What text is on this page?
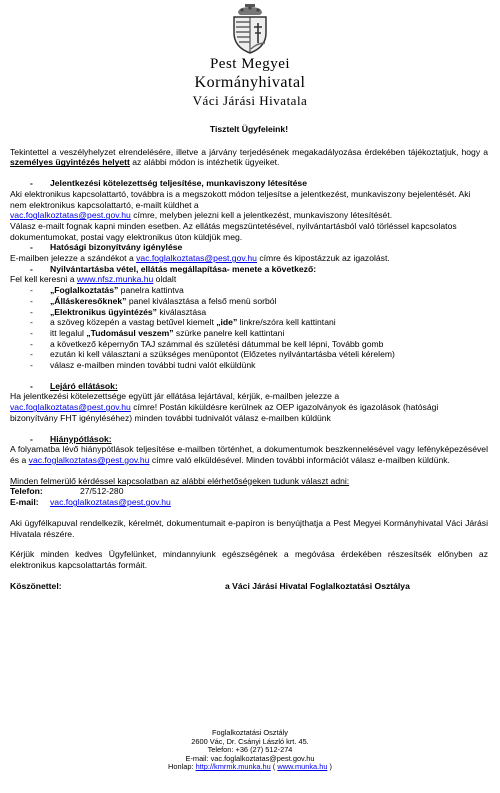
Pest Megyei
Kormányhivatal
Váci Járási Hivatala

Tisztelt Ügyfeleink!

Tekintettel a veszélyhelyzet elrendelésére, illetve a járvány terjedésének megakadályozása érdekében tájékoztatjuk, hogy a személyes ügyintézés helyett az alábbi módon is intézhetik ügyeiket.

-	Jelentkezési kötelezettség teljesítése, munkaviszony létesítése

Aki elektronikus kapcsolattartó, továbbra is a megszokott módon teljesítse a jelentkezést, munkaviszony bejelentését. Aki nem elektronikus kapcsolattartó, e-mailt küldhet a
vac.foglalkoztatas@pest.gov.hu címre, melyben jelezni kell a jelentkezést, munkaviszony létesítését.

Válasz e-mailt fognak kapni minden esetben. Az ellátás megszüntetésével, nyilvántartásból való törléssel kapcsolatos dokumentumokat, postai vagy elektronikus úton küldjük meg.

-	Hatósági bizonyítvány igénylése

E-mailben jelezze a szándékot a vac.foglalkoztatas@pest.gov.hu címre és kipostázzuk az igazolást.

-	Nyilvántartásba vétel, ellátás megállapítása- menete a következő:

Fel kell keresni a www.nfsz.munka.hu oldalt

-	„Foglalkoztatás” panelra kattintva
-	„Álláskeresőknek” panel kiválasztása a felső menü sorból
-	„Elektronikus ügyintézés” kiválasztása
-	a szöveg közepén a vastag betűvel kiemelt „ide” linkre/szóra kell kattintani
-	itt legalul „Tudomásul veszem” szürke panelre kell kattintani
-	a következő képernyőn TAJ számmal és születési dátummal be kell lépni, Tovább gomb
-	ezután ki kell választani a szükséges menüpontot (Előzetes nyilvántartásba vételi kérelem)
-	válasz e-mailben minden további tudni valót elküldünk
-	Lejáró ellátások:

Ha jelentkezési kötelezettsége együtt jár ellátása lejártával, kérjük, e-mailben jelezze a
vac.foglalkoztatas@pest.gov.hu címre! Postán kiküldésre kerülnek az OEP igazolványok és igazolások (hatósági bizonyítvány FHT igényléséhez) minden további tudnivalót válasz e-mailben küldünk

-	Hiánypótlások:

A folyamatba lévő hiánypótlások teljesítése e-mailben történhet, a dokumentumok beszkennelésével vagy lefényképezésével és a vac.foglalkoztatas@pest.gov.hu címre való elküldésével. Minden további információt válasz e-mailben küldünk.

Minden felmerülő kérdéssel kapcsolatban az alábbi elérhetőségeken tudunk választ adni:

Telefon:	27/512-280
E-mail:	vac.foglalkoztatas@pest.gov.hu

Aki ügyfélkapuval rendelkezik, kérelmét, dokumentumait e-papíron is benyújthatja a Pest Megyei Kormányhivatal Váci Járási Hivatala részére.

Kérjük minden kedves Ügyfelünket, mindannyiunk egészségének a megóvása érdekében részesítsék előnyben az elektronikus kapcsolattartás formáit.

Köszönettel:	a Váci Járási Hivatal Foglalkoztatási Osztálya
Foglalkoztatási Osztály
2600 Vác, Dr. Csányi László krt. 45.
Telefon: +36 (27) 512-274
E-mail: vac.foglalkoztatas@pest.gov.hu
Honlap: http://kmrmk.munka.hu ( www.munka.hu )
